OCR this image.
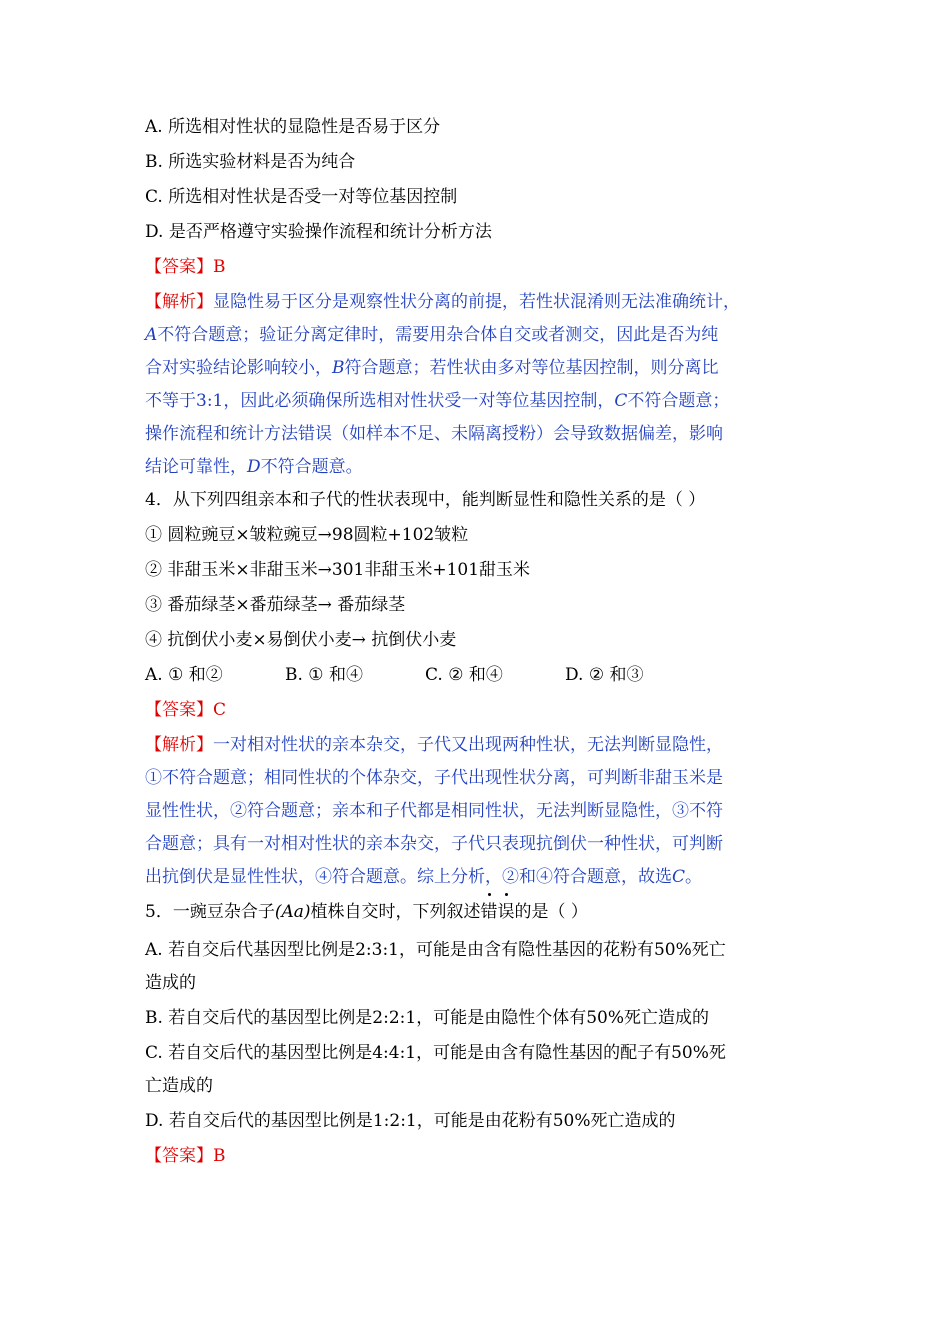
A. 所选相对性状的显隐性是否易于区分
B. 所选实验材料是否为纯合
C. 所选相对性状是否受一对等位基因控制
D. 是否严格遵守实验操作流程和统计分析方法
【答案】B
【解析】显隐性易于区分是观察性状分离的前提，若性状混淆则无法准确统计，
A不符合题意；验证分离定律时，需要用杂合体自交或者测交，因此是否为纯
合对实验结论影响较小，B符合题意；若性状由多对等位基因控制，则分离比
不等于3:1，因此必须确保所选相对性状受一对等位基因控制，C不符合题意；
操作流程和统计方法错误（如样本不足、未隔离授粉）会导致数据偏差，影响
结论可靠性，D不符合题意。
4．从下列四组亲本和子代的性状表现中，能判断显性和隐性关系的是（ ）
① 圆粒豌豆×皱粒豌豆→98圆粒+102皱粒
② 非甜玉米×非甜玉米→301非甜玉米+101甜玉米
③ 番茄绿茎×番茄绿茎→ 番茄绿茎
④ 抗倒伏小麦×易倒伏小麦→ 抗倒伏小麦
A. ① 和②	B. ① 和④	C. ② 和④	D. ② 和③
【答案】C
【解析】一对相对性状的亲本杂交，子代又出现两种性状，无法判断显隐性，
①不符合题意；相同性状的个体杂交，子代出现性状分离，可判断非甜玉米是
显性性状，②符合题意；亲本和子代都是相同性状，无法判断显隐性，③不符
合题意；具有一对相对性状的亲本杂交，子代只表现抗倒伏一种性状，可判断
出抗倒伏是显性性状，④符合题意。综上分析，②和④符合题意，故选C。
5．一豌豆杂合子(Aa)植株自交时，下列叙述错误的是（ ）
A. 若自交后代基因型比例是2:3:1，可能是由含有隐性基因的花粉有50%死亡
造成的
B. 若自交后代的基因型比例是2:2:1，可能是由隐性个体有50%死亡造成的
C. 若自交后代的基因型比例是4:4:1，可能是由含有隐性基因的配子有50%死
亡造成的
D. 若自交后代的基因型比例是1:2:1，可能是由花粉有50%死亡造成的
【答案】B
